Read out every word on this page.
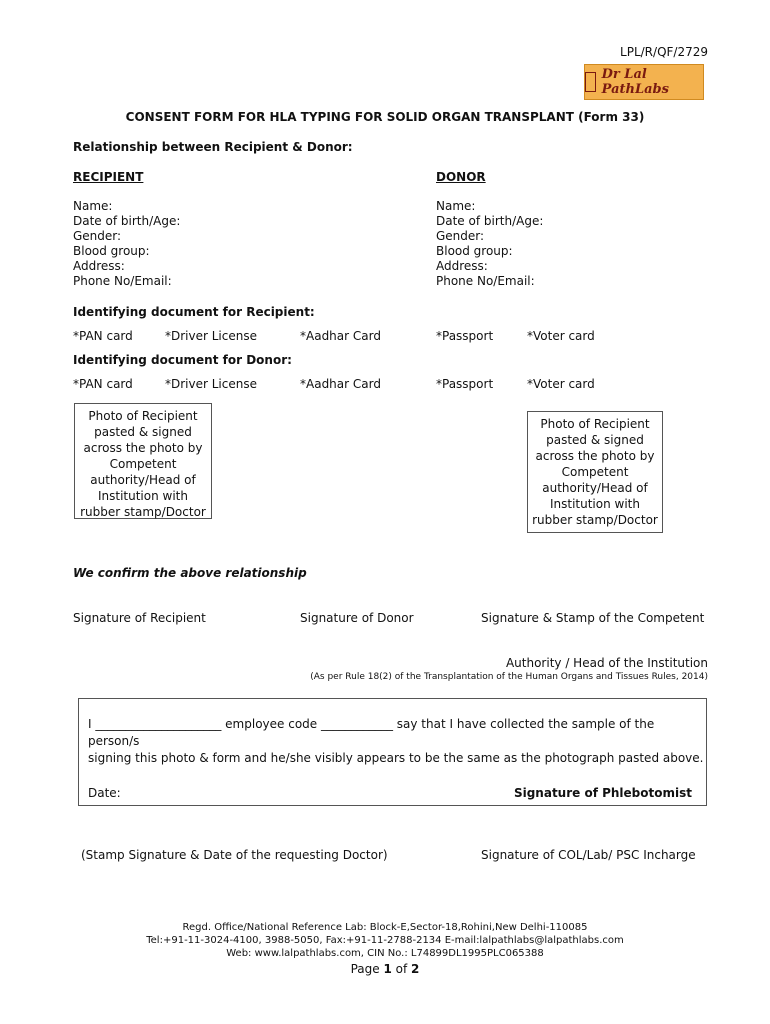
LPL/R/QF/2729
Dr Lal PathLabs
CONSENT FORM FOR HLA TYPING FOR SOLID ORGAN TRANSPLANT (Form 33)
Relationship between Recipient & Donor:
RECIPIENT
Name:
Date of birth/Age:
Gender:
Blood group:
Address:
Phone No/Email:
DONOR
Name:
Date of birth/Age:
Gender:
Blood group:
Address:
Phone No/Email:
Identifying document for Recipient:
*PAN card	*Driver License	*Aadhar Card	*Passport	*Voter card
Identifying document for Donor:
*PAN card	*Driver License	*Aadhar Card	*Passport	*Voter card
Photo of Recipient
pasted & signed
across the photo by
Competent
authority/Head of
Institution with
rubber stamp/Doctor
Photo of Recipient
pasted & signed
across the photo by
Competent
authority/Head of
Institution with
rubber stamp/Doctor
We confirm the above relationship
Signature of Recipient	Signature of Donor	Signature & Stamp of the Competent
Authority / Head of the Institution
(As per Rule 18(2) of the Transplantation of the Human Organs and Tissues Rules, 2014)
I _____________________ employee code ____________ say that I have collected the sample of the
person/s
signing this photo & form and he/she visibly appears to be the same as the photograph pasted above.
Date:	Signature of Phlebotomist
(Stamp Signature & Date of the requesting Doctor)	Signature of COL/Lab/ PSC Incharge
Regd. Office/National Reference Lab: Block-E,Sector-18,Rohini,New Delhi-110085
Tel:+91-11-3024-4100, 3988-5050, Fax:+91-11-2788-2134 E-mail:lalpathlabs@lalpathlabs.com
Web: www.lalpathlabs.com, CIN No.: L74899DL1995PLC065388
Page 1 of 2
